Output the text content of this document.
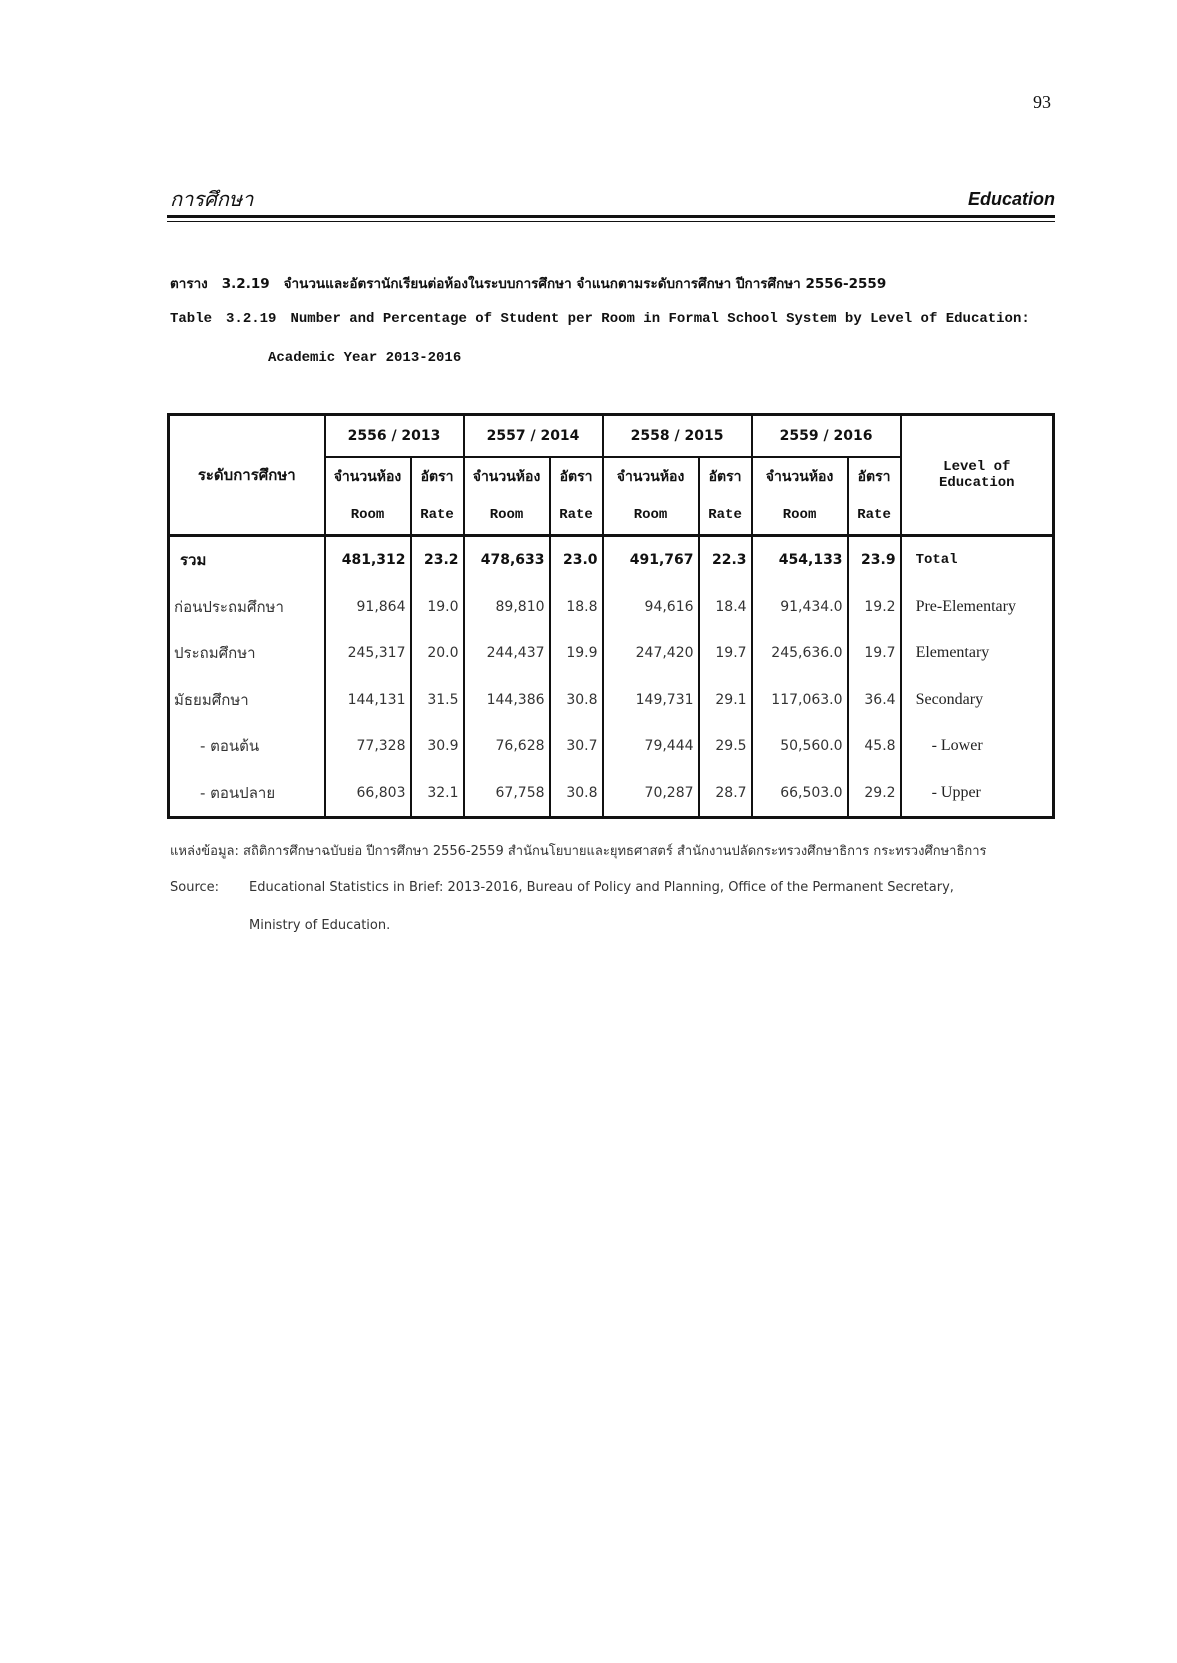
93
การศึกษา	Education
ตาราง 3.2.19 จำนวนและอัตรานักเรียนต่อห้องในระบบการศึกษา จำแนกตามระดับการศึกษา ปีการศึกษา 2556-2559
Table 3.2.19 Number and Percentage of Student per Room in Formal School System by Level of Education:
Academic Year 2013-2016
ระดับการศึกษา	2556 / 2013		2557 / 2014		2558 / 2015		2559 / 2016		Level of Education
	จำนวนห้อง	อัตรา	จำนวนห้อง	อัตรา	จำนวนห้อง	อัตรา	จำนวนห้อง	อัตรา	
	Room	Rate	Room	Rate	Room	Rate	Room	Rate	
รวม	481,312	23.2	478,633	23.0	491,767	22.3	454,133	23.9	Total
ก่อนประถมศึกษา	91,864	19.0	89,810	18.8	94,616	18.4	91,434.0	19.2	Pre-Elementary
ประถมศึกษา	245,317	20.0	244,437	19.9	247,420	19.7	245,636.0	19.7	Elementary
มัธยมศึกษา	144,131	31.5	144,386	30.8	149,731	29.1	117,063.0	36.4	Secondary
- ตอนต้น	77,328	30.9	76,628	30.7	79,444	29.5	50,560.0	45.8	- Lower
- ตอนปลาย	66,803	32.1	67,758	30.8	70,287	28.7	66,503.0	29.2	- Upper
แหล่งข้อมูล: สถิติการศึกษาฉบับย่อ ปีการศึกษา 2556-2559 สำนักนโยบายและยุทธศาสตร์ สำนักงานปลัดกระทรวงศึกษาธิการ กระทรวงศึกษาธิการ
Source: Educational Statistics in Brief: 2013-2016, Bureau of Policy and Planning, Office of the Permanent Secretary,
Ministry of Education.
